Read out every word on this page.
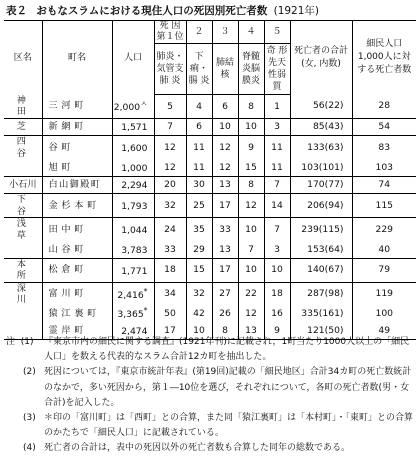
表２ おもなスラムにおける現住人口の死因別死亡者数 (1921年)
区名	町名	人口	死 因
第１位	２	３	４	５	死亡者の合計(女, 内数)	細民人口1,000人に対する死亡者数
			肺炎・気管支肺 炎	下痢・腸 炎	肺結核	脊髄炎脳 膜炎	奇 形先天性弱 質		
神　田	三河町	$2,000^ㅅ$	5	4	6	8	1	56(22)	28
芝	新網町	1,571	7	6	10	10	3	85(43)	54
四　谷	谷町	1,600	12	11	12	9	11	133(63)	83
	旭町	1,000	12	11	12	15	11	103(101)	103
小石川	白山御殿町	2,294	20	30	13	8	7	170(77)	74
下　谷	金杉本町	1,793	32	25	17	12	14	206(94)	115
浅　草	田中町	1,044	24	35	33	10	7	239(115)	229
	山谷町	3,783	33	29	13	7	3	153(64)	40
本　所	松倉町	1,771	18	15	17	10	10	140(67)	79
深　川	富川町	2,416*	34	32	27	22	18	287(98)	119
	猿江裏町	3,365*	50	42	26	12	16	335(161)	100
	霊岸町	2,474	17	10	8	13	9	121(50)	49
注 (1) 『東京市内の細民に関する調査』(1921年刊)に記載され，1町当たり1000人以上の「細民人口」を数える代表的なスラム合計12カ町を抽出した。
(2) 死因については，『東京市統計年表』(第19回)記載の「細民地区」合計34カ町の死亡数統計のなかで，多い死因から，第１―10位を選び，それぞれについて，各町の死亡者数(男・女合計)を記入した。
(3) ＊印の「富川町」は「西町」との合算，また同「猿江裏町」は「本村町」・「東町」との合算のかたちで「細民人口」に記載されている。
(4) 死亡者の合計は，表中の死因以外の死亡者数も合算した同年の総数である。
